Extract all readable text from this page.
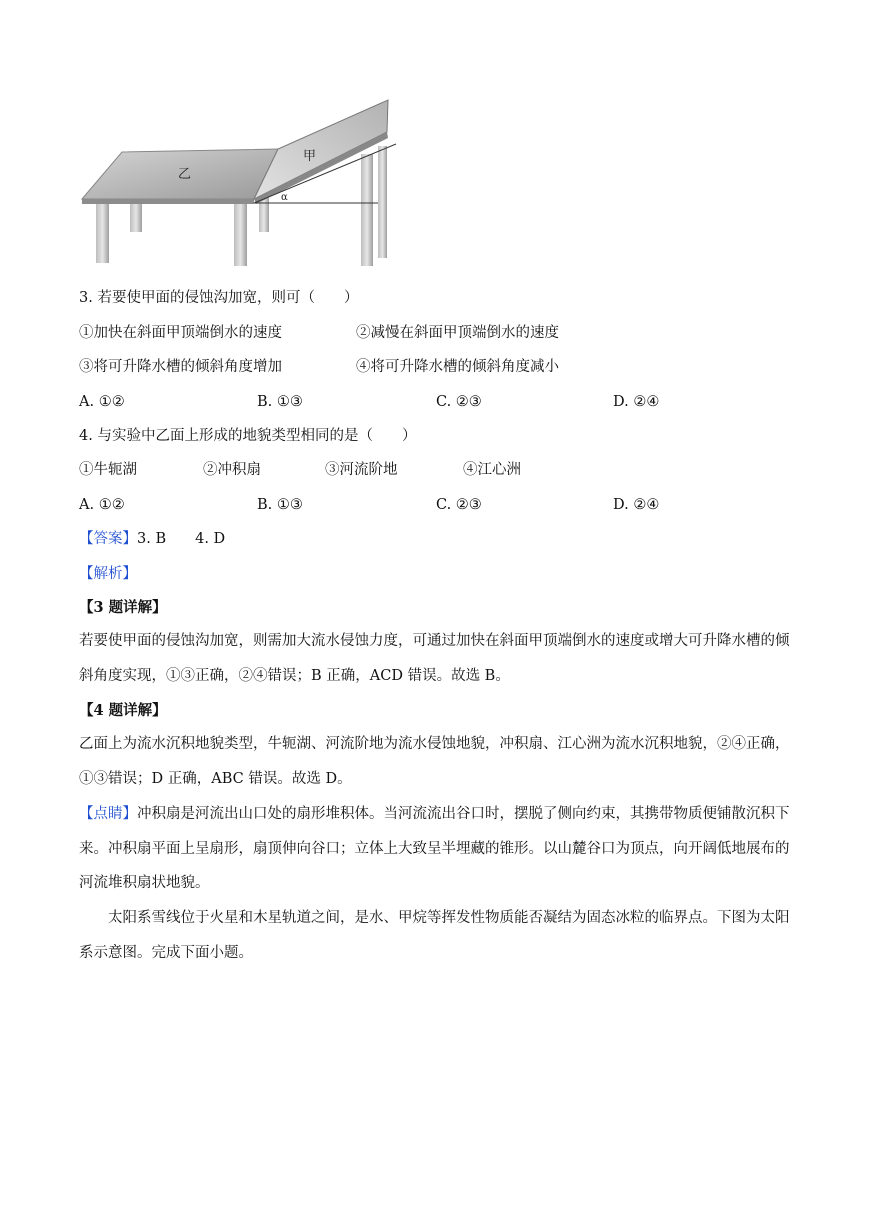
乙
甲
α
3. 若要使甲面的侵蚀沟加宽，则可（　　）
①加快在斜面甲顶端倒水的速度	②减慢在斜面甲顶端倒水的速度
③将可升降水槽的倾斜角度增加	④将可升降水槽的倾斜角度减小
A. ①②	B. ①③	C. ②③	D. ②④
4. 与实验中乙面上形成的地貌类型相同的是（　　）
①牛轭湖	②冲积扇	③河流阶地	④江心洲
A. ①②	B. ①③	C. ②③	D. ②④
【答案】3. B　　4. D
【解析】
【3 题详解】
若要使甲面的侵蚀沟加宽，则需加大流水侵蚀力度，可通过加快在斜面甲顶端倒水的速度或增大可升降水槽的倾斜角度实现，①③正确，②④错误；B 正确，ACD 错误。故选 B。
【4 题详解】
乙面上为流水沉积地貌类型，牛轭湖、河流阶地为流水侵蚀地貌，冲积扇、江心洲为流水沉积地貌，②④正确，①③错误；D 正确，ABC 错误。故选 D。
【点睛】冲积扇是河流出山口处的扇形堆积体。当河流流出谷口时，摆脱了侧向约束，其携带物质便铺散沉积下来。冲积扇平面上呈扇形，扇顶伸向谷口；立体上大致呈半埋藏的锥形。以山麓谷口为顶点，向开阔低地展布的河流堆积扇状地貌。
太阳系雪线位于火星和木星轨道之间，是水、甲烷等挥发性物质能否凝结为固态冰粒的临界点。下图为太阳系示意图。完成下面小题。
